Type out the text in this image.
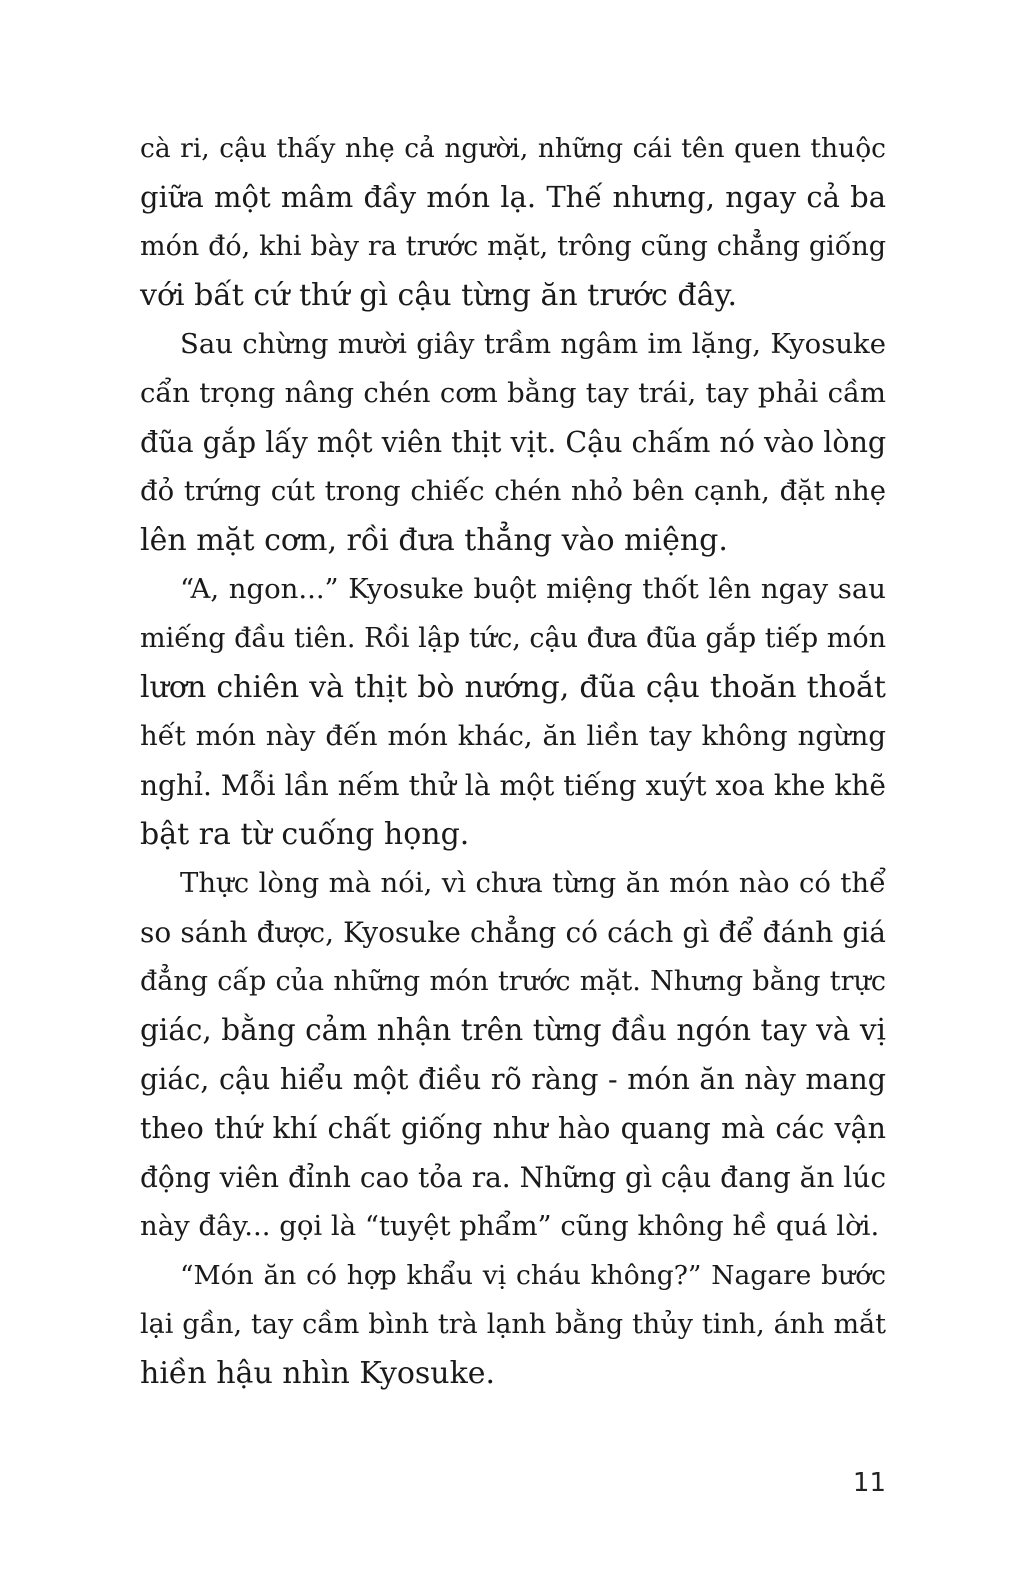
cà ri, cậu thấy nhẹ cả người, những cái tên quen thuộc
giữa một mâm đầy món lạ. Thế nhưng, ngay cả ba
món đó, khi bày ra trước mặt, trông cũng chẳng giống
với bất cứ thứ gì cậu từng ăn trước đây.
Sau chừng mười giây trầm ngâm im lặng, Kyosuke
cẩn trọng nâng chén cơm bằng tay trái, tay phải cầm
đũa gắp lấy một viên thịt vịt. Cậu chấm nó vào lòng
đỏ trứng cút trong chiếc chén nhỏ bên cạnh, đặt nhẹ
lên mặt cơm, rồi đưa thẳng vào miệng.
“A, ngon...” Kyosuke buột miệng thốt lên ngay sau
miếng đầu tiên. Rồi lập tức, cậu đưa đũa gắp tiếp món
lươn chiên và thịt bò nướng, đũa cậu thoăn thoắt
hết món này đến món khác, ăn liền tay không ngừng
nghỉ. Mỗi lần nếm thử là một tiếng xuýt xoa khe khẽ
bật ra từ cuống họng.
Thực lòng mà nói, vì chưa từng ăn món nào có thể
so sánh được, Kyosuke chẳng có cách gì để đánh giá
đẳng cấp của những món trước mặt. Nhưng bằng trực
giác, bằng cảm nhận trên từng đầu ngón tay và vị
giác, cậu hiểu một điều rõ ràng - món ăn này mang
theo thứ khí chất giống như hào quang mà các vận
động viên đỉnh cao tỏa ra. Những gì cậu đang ăn lúc
này đây... gọi là “tuyệt phẩm” cũng không hề quá lời.
“Món ăn có hợp khẩu vị cháu không?” Nagare bước
lại gần, tay cầm bình trà lạnh bằng thủy tinh, ánh mắt
hiền hậu nhìn Kyosuke.
11
